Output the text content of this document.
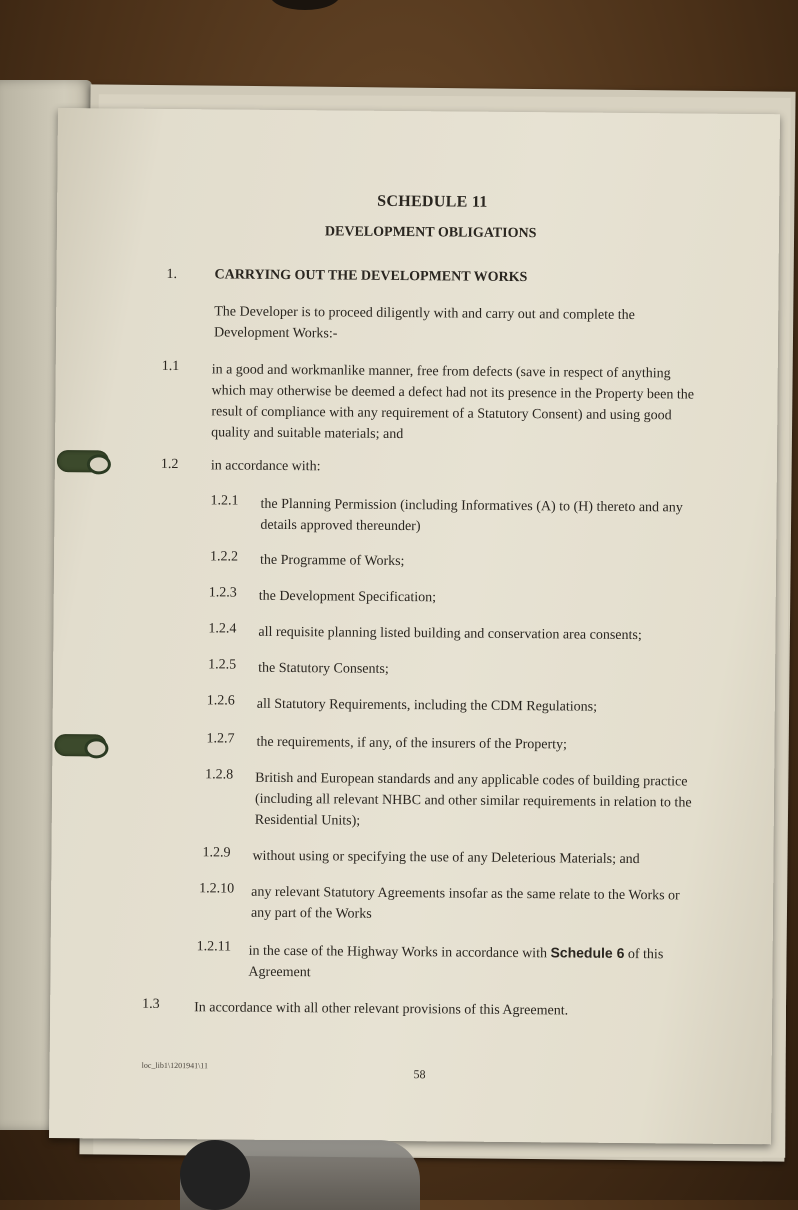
SCHEDULE 11

DEVELOPMENT OBLIGATIONS

1.	CARRYING OUT THE DEVELOPMENT WORKS

The Developer is to proceed diligently with and carry out and complete the Development Works:-

1.1 in a good and workmanlike manner, free from defects (save in respect of anything which may otherwise be deemed a defect had not its presence in the Property been the result of compliance with any requirement of a Statutory Consent) and using good quality and suitable materials; and

1.2 in accordance with:

1.2.1 the Planning Permission (including Informatives (A) to (H) thereto and any details approved thereunder)

1.2.2 the Programme of Works;

1.2.3 the Development Specification;

1.2.4 all requisite planning listed building and conservation area consents;

1.2.5 the Statutory Consents;

1.2.6 all Statutory Requirements, including the CDM Regulations;

1.2.7 the requirements, if any, of the insurers of the Property;

1.2.8 British and European standards and any applicable codes of building practice (including all relevant NHBC and other similar requirements in relation to the Residential Units);

1.2.9 without using or specifying the use of any Deleterious Materials; and

1.2.10 any relevant Statutory Agreements insofar as the same relate to the Works or any part of the Works

1.2.11 in the case of the Highway Works in accordance with Schedule 6 of this Agreement

1.3 In accordance with all other relevant provisions of this Agreement.

loc_lib1\1201941\11

58
